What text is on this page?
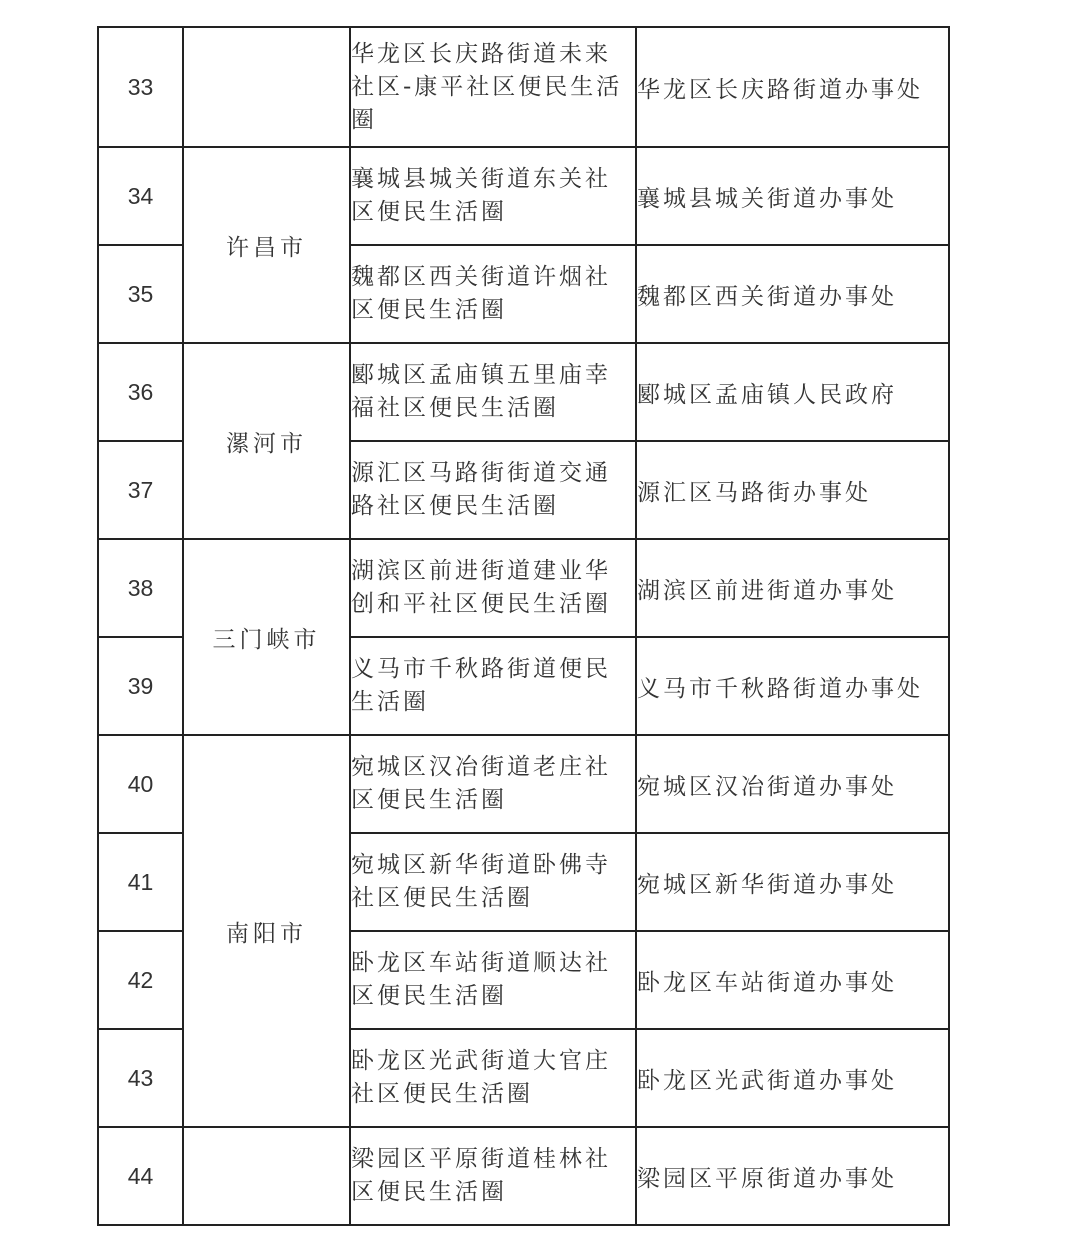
33		华龙区长庆路街道未来社区-康平社区便民生活圈	华龙区长庆路街道办事处
34	许昌市	襄城县城关街道东关社区便民生活圈	襄城县城关街道办事处
35		魏都区西关街道许烟社区便民生活圈	魏都区西关街道办事处
36	漯河市	郾城区孟庙镇五里庙幸福社区便民生活圈	郾城区孟庙镇人民政府
37		源汇区马路街街道交通路社区便民生活圈	源汇区马路街办事处
38	三门峡市	湖滨区前进街道建业华创和平社区便民生活圈	湖滨区前进街道办事处
39		义马市千秋路街道便民生活圈	义马市千秋路街道办事处
40	南阳市	宛城区汉冶街道老庄社区便民生活圈	宛城区汉冶街道办事处
41		宛城区新华街道卧佛寺社区便民生活圈	宛城区新华街道办事处
42		卧龙区车站街道顺达社区便民生活圈	卧龙区车站街道办事处
43		卧龙区光武街道大官庄社区便民生活圈	卧龙区光武街道办事处
44		梁园区平原街道桂林社区便民生活圈	梁园区平原街道办事处
